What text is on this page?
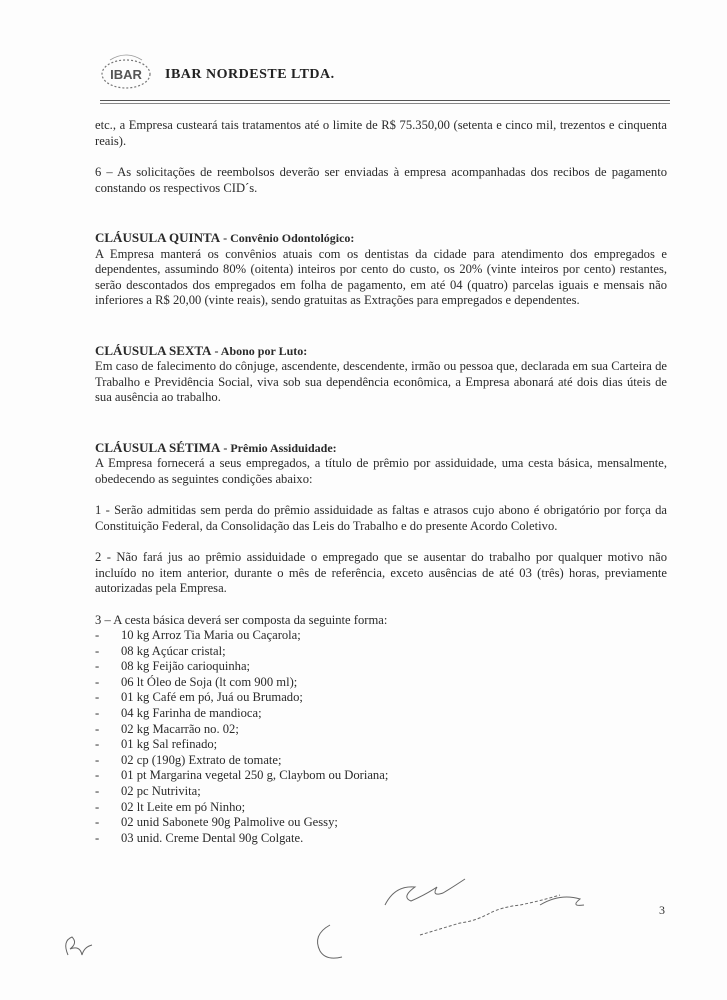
IBAR IBAR NORDESTE LTDA.

etc., a Empresa custeará tais tratamentos até o limite de R$ 75.350,00 (setenta e cinco mil, trezentos e cinquenta reais).

6 – As solicitações de reembolsos deverão ser enviadas à empresa acompanhadas dos recibos de pagamento constando os respectivos CID´s.

CLÁUSULA QUINTA - Convênio Odontológico:

A Empresa manterá os convênios atuais com os dentistas da cidade para atendimento dos empregados e dependentes, assumindo 80% (oitenta) inteiros por cento do custo, os 20% (vinte inteiros por cento) restantes, serão descontados dos empregados em folha de pagamento, em até 04 (quatro) parcelas iguais e mensais não inferiores a R$ 20,00 (vinte reais), sendo gratuitas as Extrações para empregados e dependentes.

CLÁUSULA SEXTA - Abono por Luto:

Em caso de falecimento do cônjuge, ascendente, descendente, irmão ou pessoa que, declarada em sua Carteira de Trabalho e Previdência Social, viva sob sua dependência econômica, a Empresa abonará até dois dias úteis de sua ausência ao trabalho.

CLÁUSULA SÉTIMA - Prêmio Assiduidade:

A Empresa fornecerá a seus empregados, a título de prêmio por assiduidade, uma cesta básica, mensalmente, obedecendo as seguintes condições abaixo:

1 - Serão admitidas sem perda do prêmio assiduidade as faltas e atrasos cujo abono é obrigatório por força da Constituição Federal, da Consolidação das Leis do Trabalho e do presente Acordo Coletivo.

2 - Não fará jus ao prêmio assiduidade o empregado que se ausentar do trabalho por qualquer motivo não incluído no item anterior, durante o mês de referência, exceto ausências de até 03 (três) horas, previamente autorizadas pela Empresa.

3 – A cesta básica deverá ser composta da seguinte forma:

- 10 kg Arroz Tia Maria ou Caçarola;
- 08 kg Açúcar cristal;
- 08 kg Feijão carioquinha;
- 06 lt Óleo de Soja (lt com 900 ml);
- 01 kg Café em pó, Juá ou Brumado;
- 04 kg Farinha de mandioca;
- 02 kg Macarrão no. 02;
- 01 kg Sal refinado;
- 02 cp (190g) Extrato de tomate;
- 01 pt Margarina vegetal 250 g, Claybom ou Doriana;
- 02 pc Nutrivita;
- 02 lt Leite em pó Ninho;
- 02 unid Sabonete 90g Palmolive ou Gessy;
- 03 unid. Creme Dental 90g Colgate.
3
